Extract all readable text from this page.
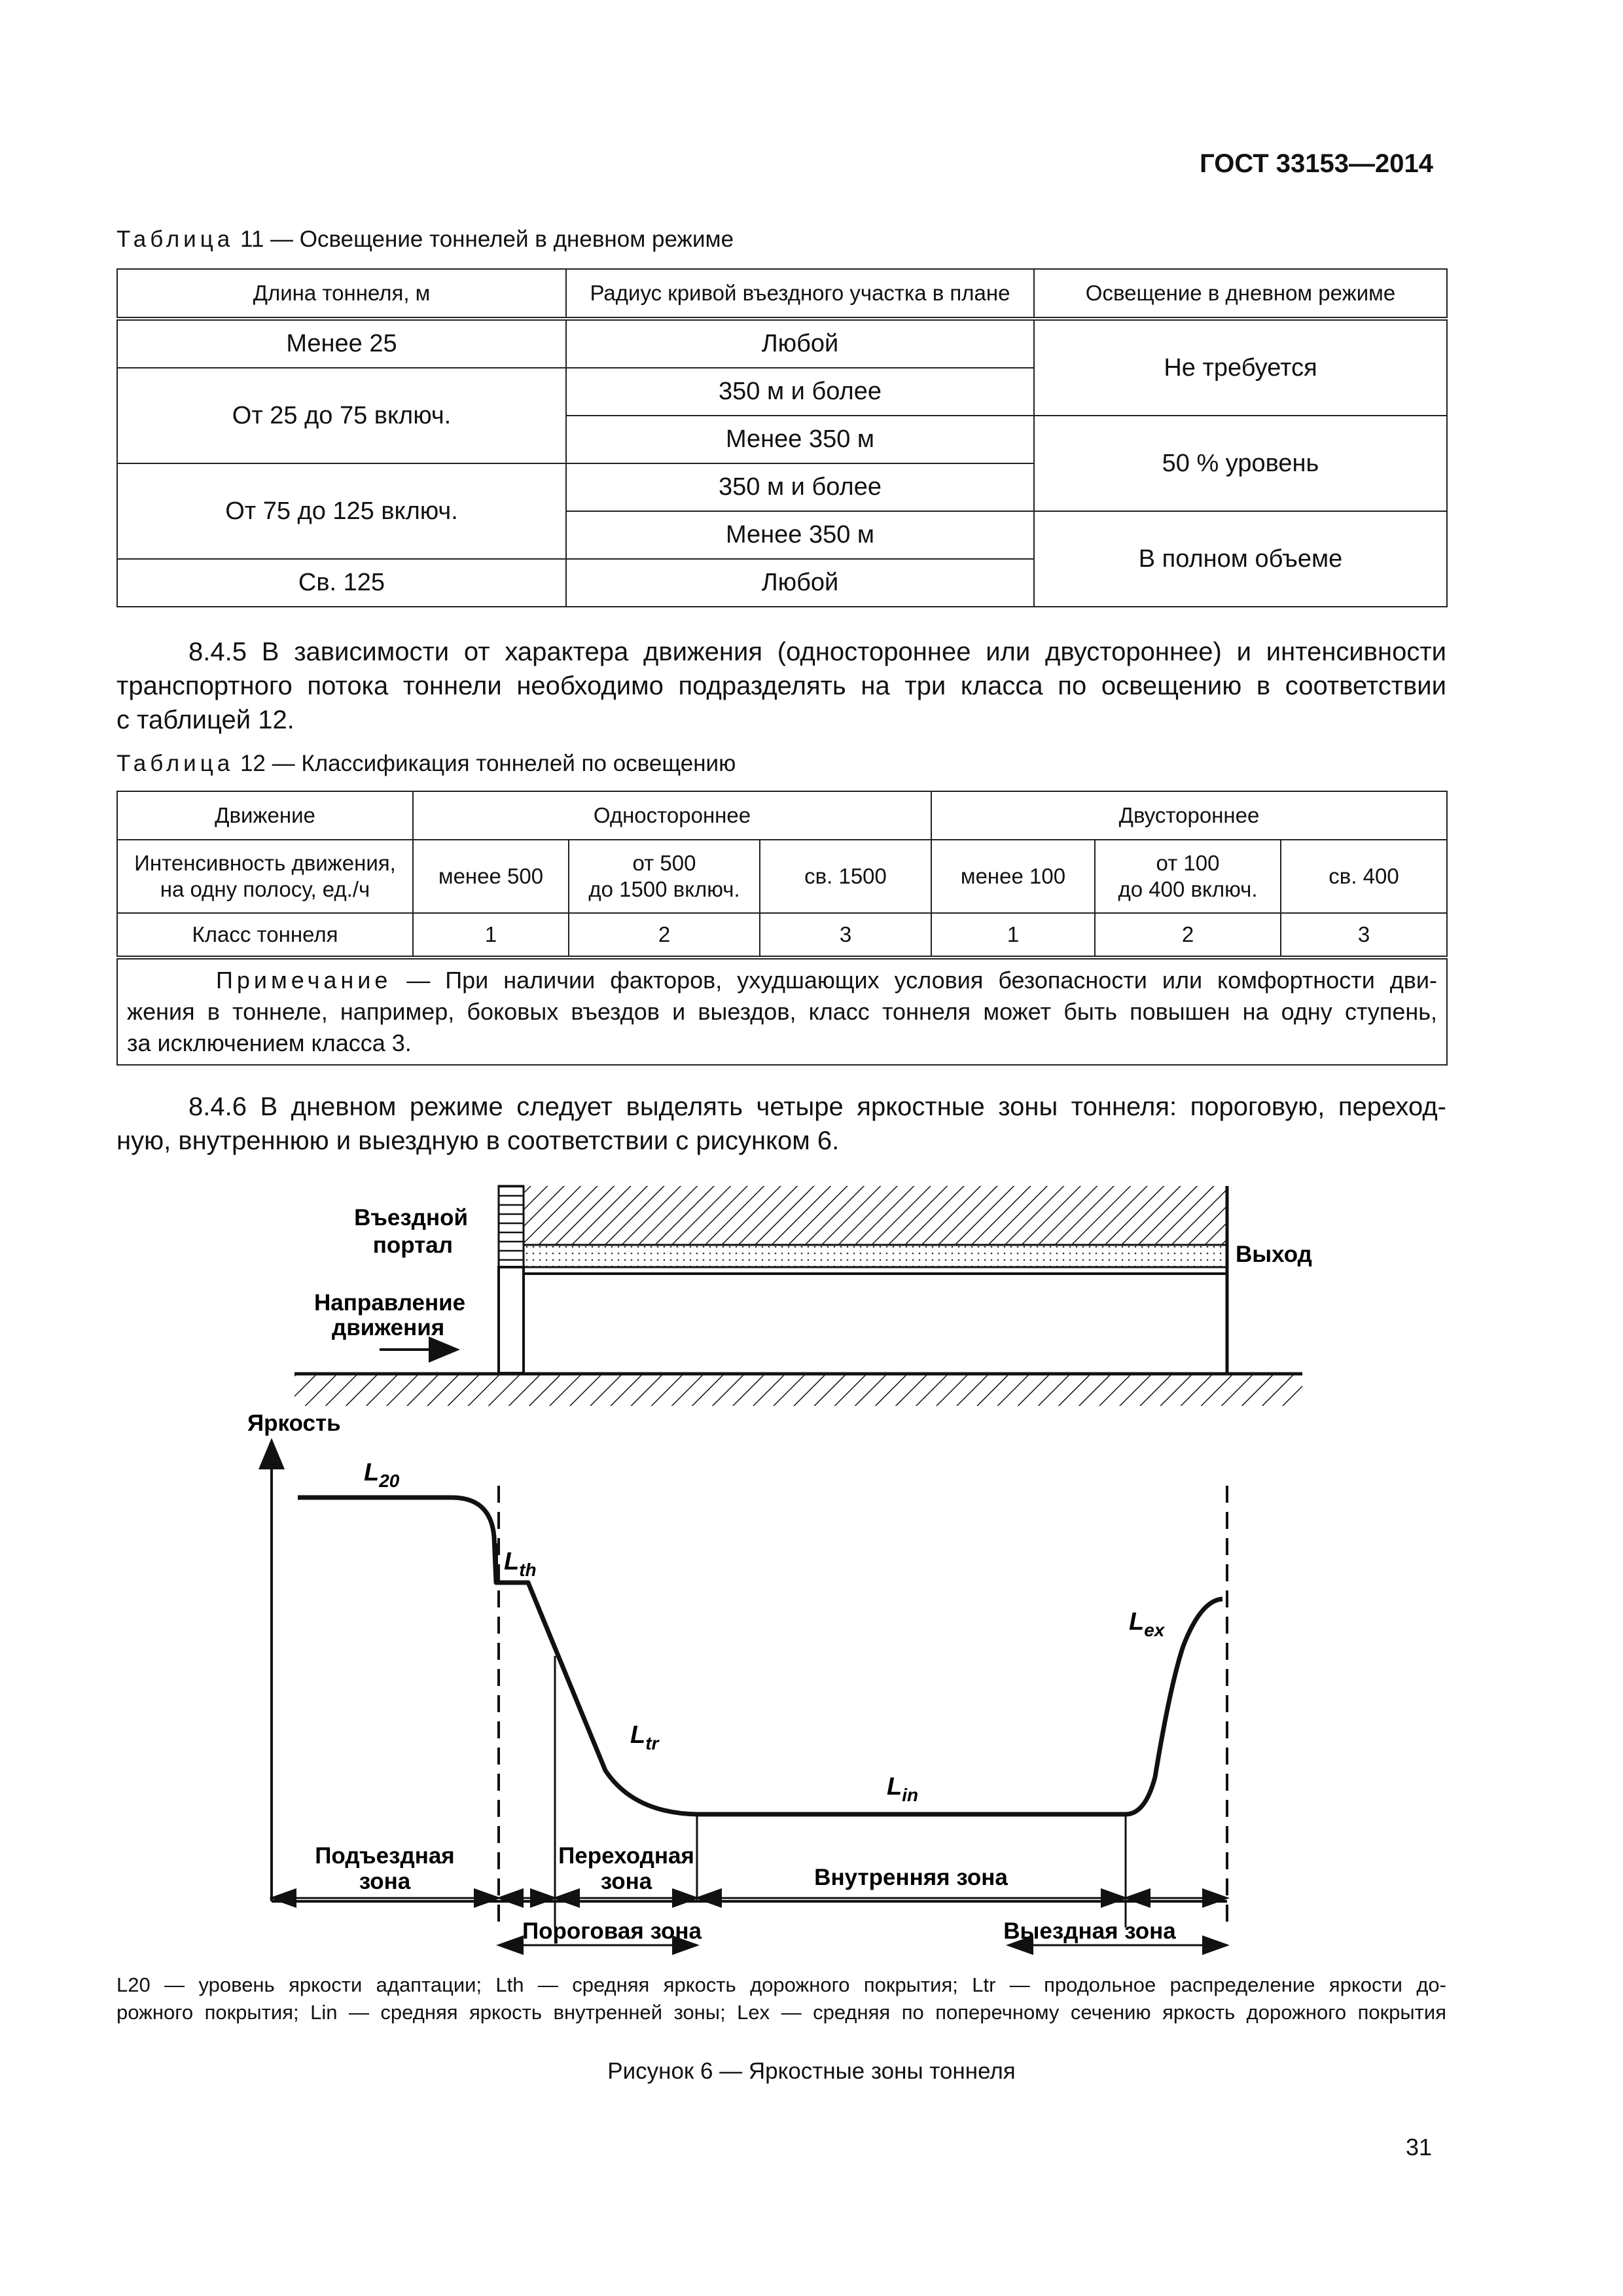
ГОСТ 33153—2014
Таблица 11 — Освещение тоннелей в дневном режиме
Длина тоннеля, м	Радиус кривой въездного участка в плане	Освещение в дневном режиме
Менее 25	Любой	Не требуется
От 25 до 75 включ.	350 м и более	
	Менее 350 м	50 % уровень
От 75 до 125 включ.	350 м и более	
	Менее 350 м	В полном объеме
Св. 125	Любой	
8.4.5 В зависимости от характера движения (одностороннее или двустороннее) и интенсивности
транспортного потока тоннели необходимо подразделять на три класса по освещению в соответствии
с таблицей 12.
Таблица 12 — Классификация тоннелей по освещению
Движение	Одностороннее			Двустороннее		
Интенсивность движения,
на одну полосу, ед./ч	менее 500	от 500
до 1500 включ.	св. 1500	менее 100	от 100
до 400 включ.	св. 400
Класс тоннеля	1	2	3	1	2	3

Примечание — При наличии факторов, ухудшающих условия безопасности или комфортности дви-
жения в тоннеле, например, боковых въездов и выездов, класс тоннеля может быть повышен на одну ступень,
за исключением класса 3.						
8.4.6 В дневном режиме следует выделять четыре яркостные зоны тоннеля: пороговую, переход-
ную, внутреннюю и выездную в соответствии с рисунком 6.
Въездной
портал	Выход
Направление
движения
Яркость
$L_{20}$
$L_{th}$
$L_{tr}$
$L_{in}$
$L_{ex}$
Подъездная
зона
Переходная
зона	Внутренняя зона
Пороговая зона	Выездная зона
L20 — уровень яркости адаптации; Lth — средняя яркость дорожного покрытия; Ltr — продольное распределение яркости до-
рожного покрытия; Lin — средняя яркость внутренней зоны; Lex — средняя по поперечному сечению яркость дорожного покрытия
Рисунок 6 — Яркостные зоны тоннеля
31
